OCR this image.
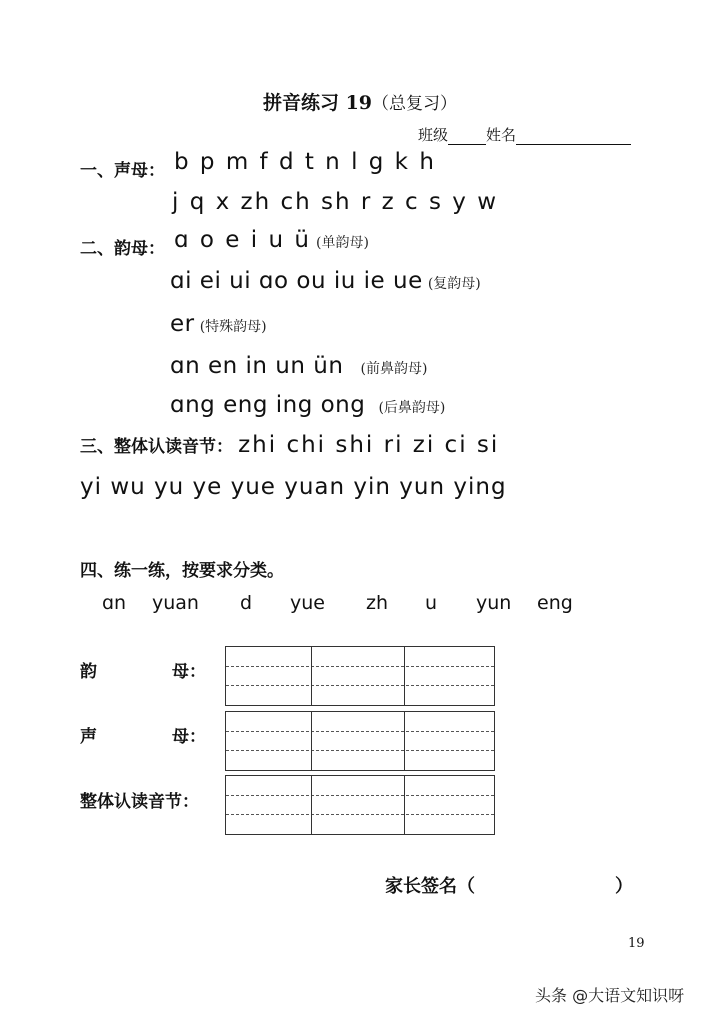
拼音练习 19（总复习）
班级	姓名
一、声母： b p m f d t n l g k h
j q x zh ch sh r z c s y w
二、韵母： ɑ o e i u ü (单韵母)
ɑi ei ui ɑo ou iu ie ue (复韵母)
er (特殊韵母)
ɑn en in un ün (前鼻韵母)
ɑng eng ing ong (后鼻韵母)
三、整体认读音节： zhi chi shi ri zi ci si
yi wu yu ye yue yuan yin yun ying
四、练一练，按要求分类。
ɑn yuan d yue zh u yun eng
韵	母：
声	母：
整体认读音节：
家长签名（	）
19
头条 @大语文知识呀
